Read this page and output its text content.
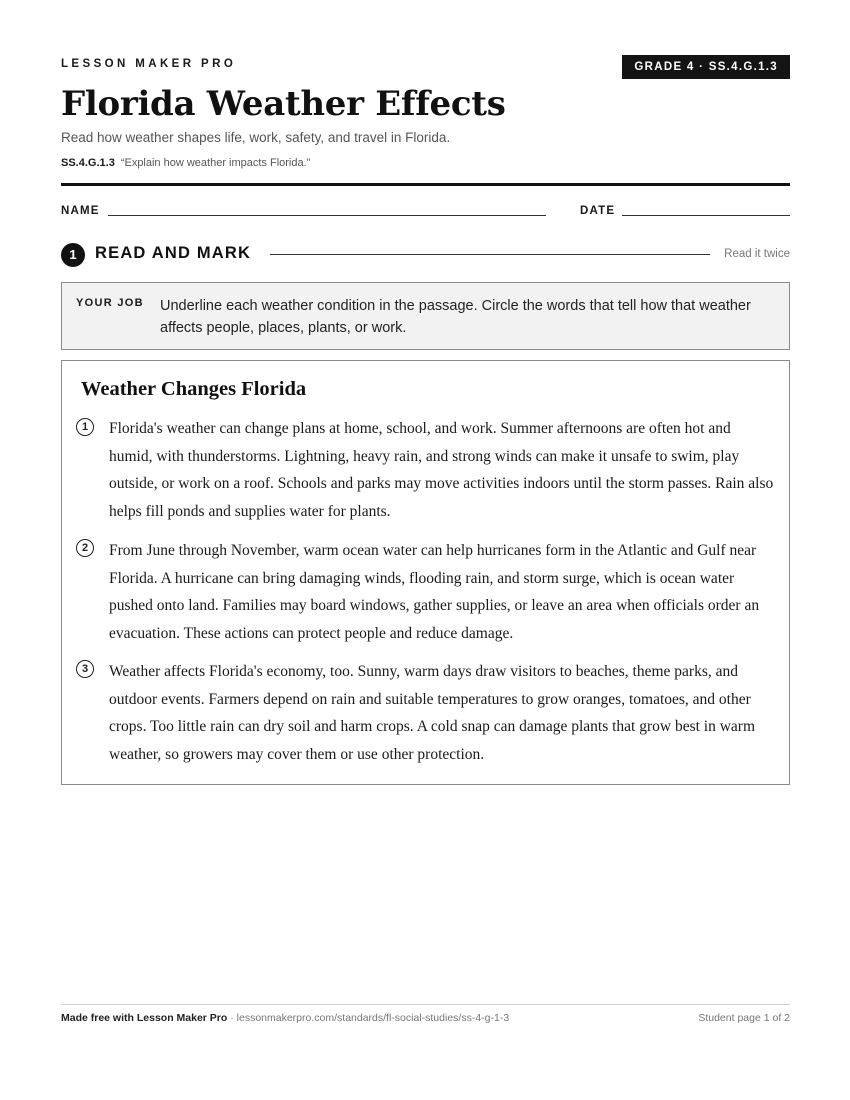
LESSON MAKER PRO	GRADE 4 · SS.4.G.1.3
Florida Weather Effects
Read how weather shapes life, work, safety, and travel in Florida.
SS.4.G.1.3 “Explain how weather impacts Florida.”
NAME	DATE
1	READ AND MARK	Read it twice
YOUR JOB Underline each weather condition in the passage. Circle the words that tell how that weather affects people, places, plants, or work.
Weather Changes Florida
1	Florida's weather can change plans at home, school, and work. Summer afternoons are often hot and humid, with thunderstorms. Lightning, heavy rain, and strong winds can make it unsafe to swim, play outside, or work on a roof. Schools and parks may move activities indoors until the storm passes. Rain also helps fill ponds and supplies water for plants.

2	From June through November, warm ocean water can help hurricanes form in the Atlantic and Gulf near Florida. A hurricane can bring damaging winds, flooding rain, and storm surge, which is ocean water pushed onto land. Families may board windows, gather supplies, or leave an area when officials order an evacuation. These actions can protect people and reduce damage.

3	Weather affects Florida's economy, too. Sunny, warm days draw visitors to beaches, theme parks, and outdoor events. Farmers depend on rain and suitable temperatures to grow oranges, tomatoes, and other crops. Too little rain can dry soil and harm crops. A cold snap can damage plants that grow best in warm weather, so growers may cover them or use other protection.

Made free with Lesson Maker Pro · lessonmakerpro.com/standards/fl-social-studies/ss-4-g-1-3	Student page 1 of 2
